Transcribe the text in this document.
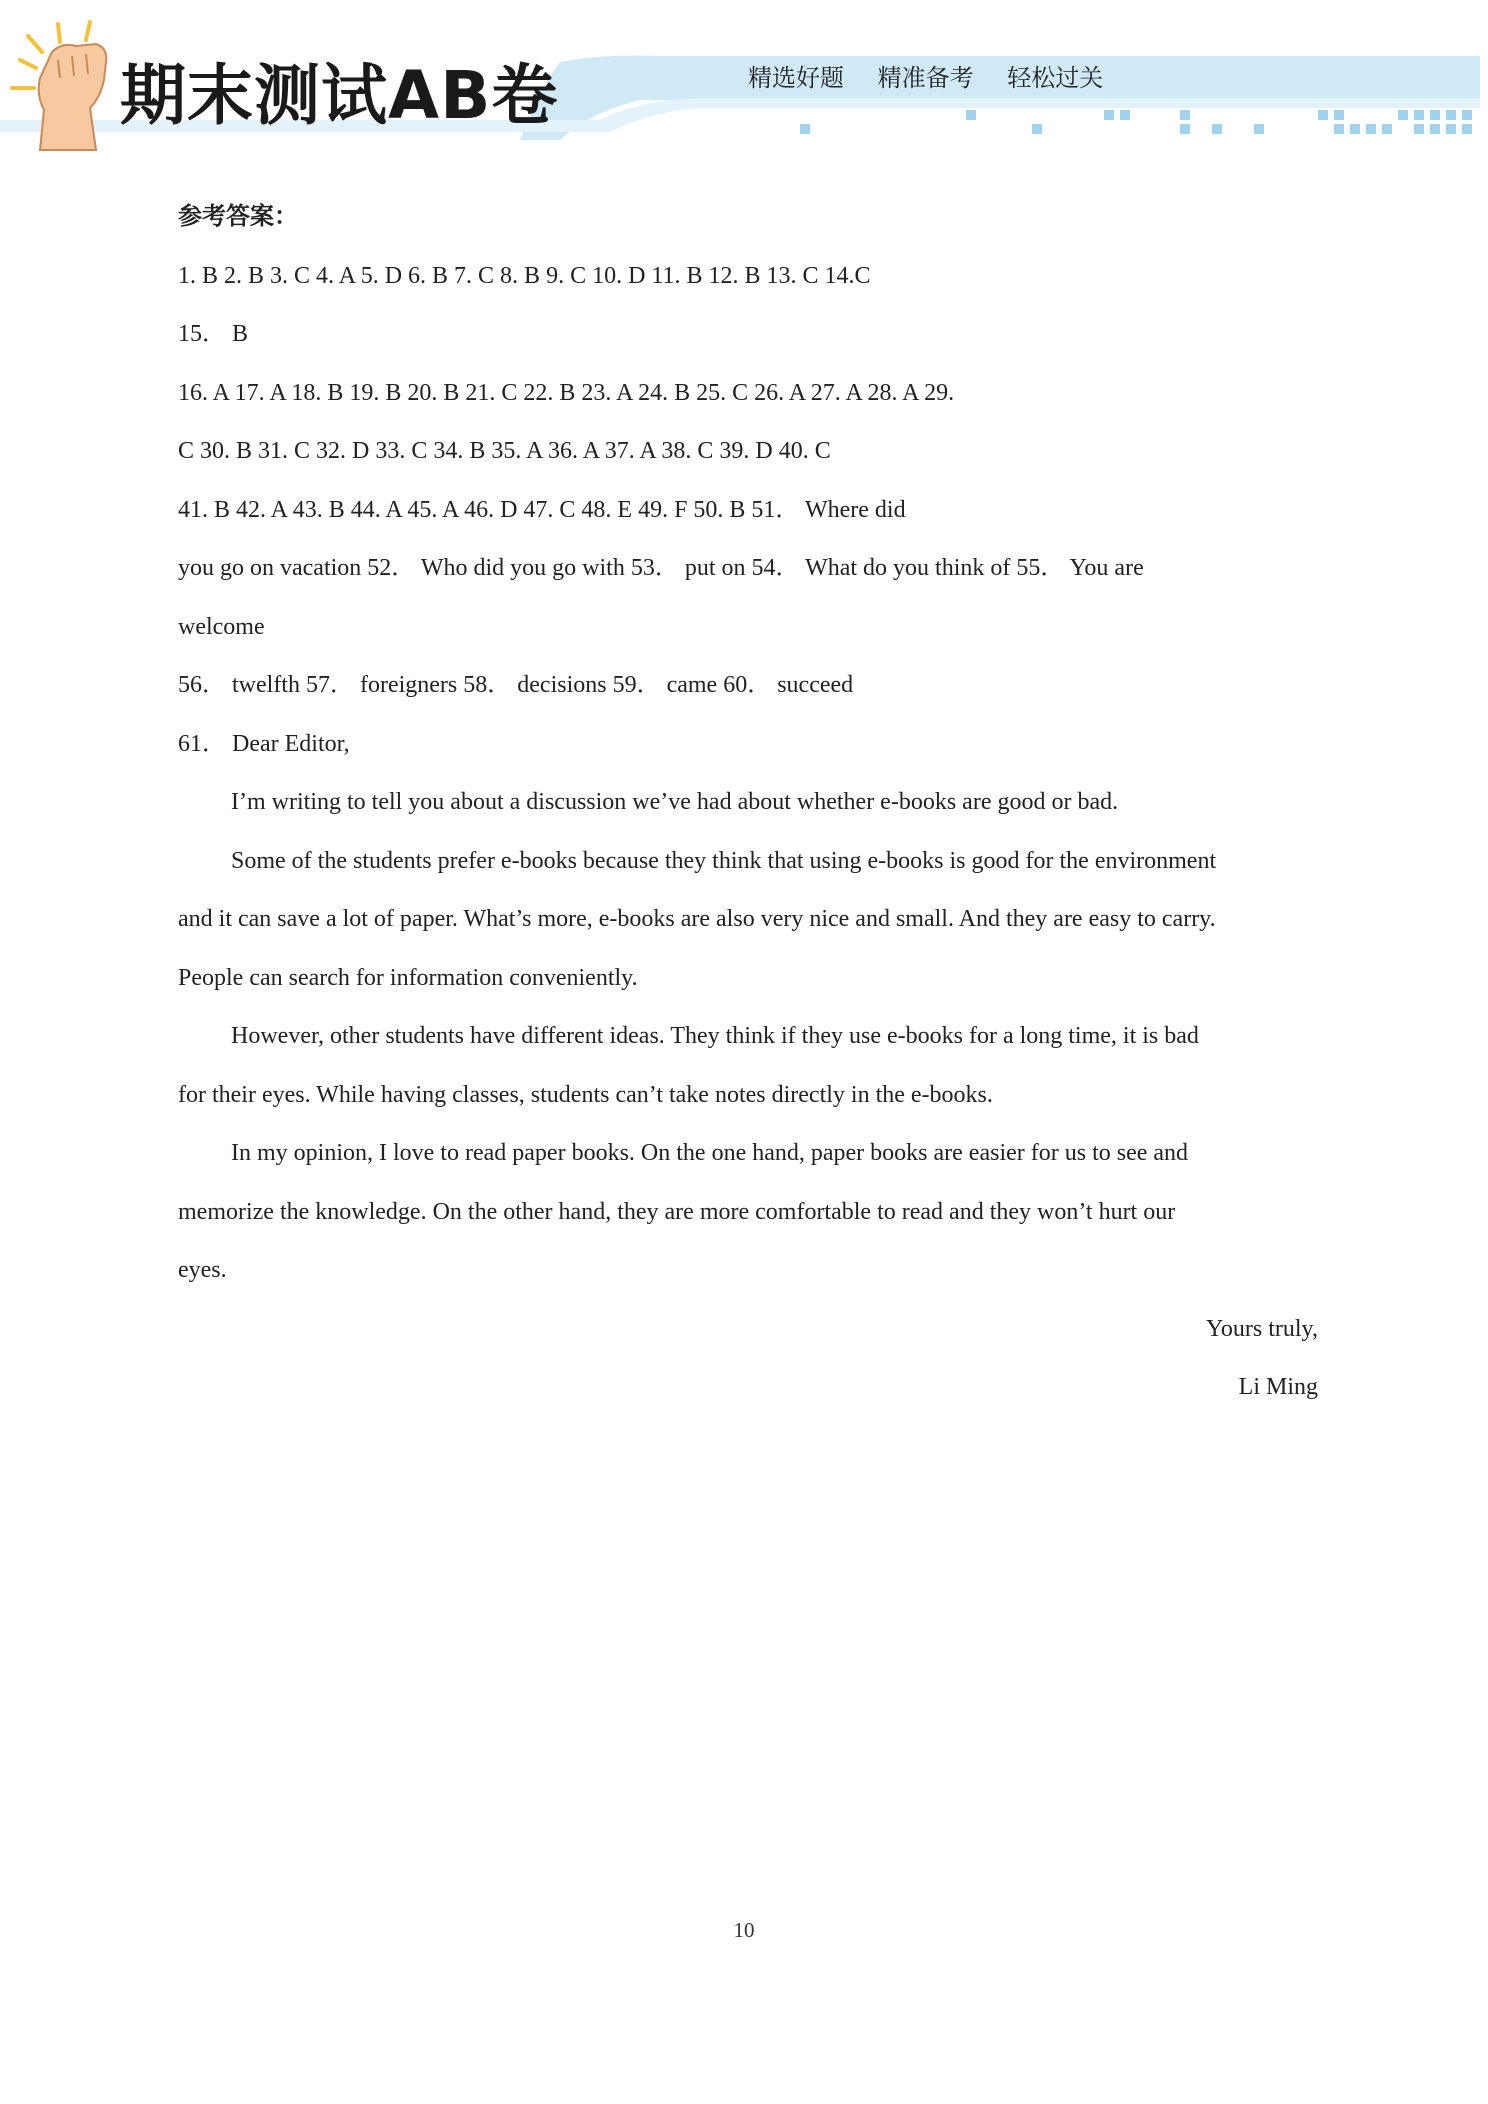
期末测试AB卷	精选好题 精准备考 轻松过关
参考答案：
1. B 2. B 3. C 4. A 5. D 6. B 7. C 8. B 9. C 10. D 11. B 12. B 13. C 14.C
15． B
16. A 17. A 18. B 19. B 20. B 21. C 22. B 23. A 24. B 25. C 26. A 27. A 28. A 29.
C 30. B 31. C 32. D 33. C 34. B 35. A 36. A 37. A 38. C 39. D 40. C
41. B 42. A 43. B 44. A 45. A 46. D 47. C 48. E 49. F 50. B 51． Where did
you go on vacation 52． Who did you go with 53． put on 54． What do you think of 55． You are
welcome
56． twelfth 57． foreigners 58． decisions 59． came 60． succeed
61． Dear Editor,
I’m writing to tell you about a discussion we’ve had about whether e-books are good or bad.
Some of the students prefer e-books because they think that using e-books is good for the environment
and it can save a lot of paper. What’s more, e-books are also very nice and small. And they are easy to carry.
People can search for information conveniently.
However, other students have different ideas. They think if they use e-books for a long time, it is bad
for their eyes. While having classes, students can’t take notes directly in the e-books.
In my opinion, I love to read paper books. On the one hand, paper books are easier for us to see and
memorize the knowledge. On the other hand, they are more comfortable to read and they won’t hurt our
eyes.
Yours truly,
Li Ming
10
